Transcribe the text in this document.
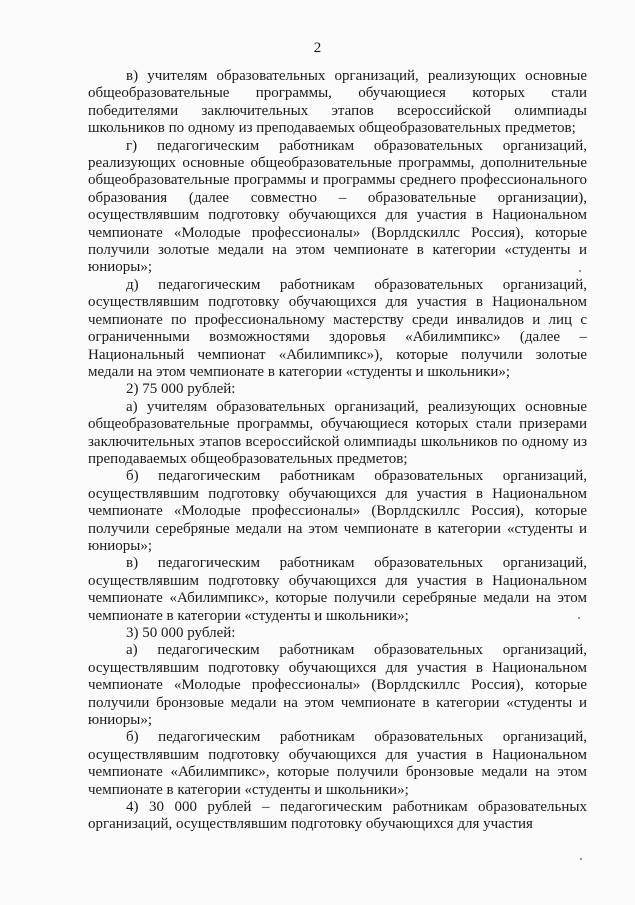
2

в) учителям образовательных организаций, реализующих основные общеобразовательные программы, обучающиеся которых стали победителями заключительных этапов всероссийской олимпиады школьников по одному из преподаваемых общеобразовательных предметов;

г) педагогическим работникам образовательных организаций, реализующих основные общеобразовательные программы, дополнительные общеобразовательные программы и программы среднего профессионального образования (далее совместно – образовательные организации), осуществлявшим подготовку обучающихся для участия в Национальном чемпионате «Молодые профессионалы» (Ворлдскиллс Россия), которые получили золотые медали на этом чемпионате в категории «студенты и юниоры»;

д) педагогическим работникам образовательных организаций, осуществлявшим подготовку обучающихся для участия в Национальном чемпионате по профессиональному мастерству среди инвалидов и лиц с ограниченными возможностями здоровья «Абилимпикс» (далее – Национальный чемпионат «Абилимпикс»), которые получили золотые медали на этом чемпионате в категории «студенты и школьники»;

2) 75 000 рублей:

а) учителям образовательных организаций, реализующих основные общеобразовательные программы, обучающиеся которых стали призерами заключительных этапов всероссийской олимпиады школьников по одному из преподаваемых общеобразовательных предметов;

б) педагогическим работникам образовательных организаций, осуществлявшим подготовку обучающихся для участия в Национальном чемпионате «Молодые профессионалы» (Ворлдскиллс Россия), которые получили серебряные медали на этом чемпионате в категории «студенты и юниоры»;

в) педагогическим работникам образовательных организаций, осуществлявшим подготовку обучающихся для участия в Национальном чемпионате «Абилимпикс», которые получили серебряные медали на этом чемпионате в категории «студенты и школьники»;

3) 50 000 рублей:

а) педагогическим работникам образовательных организаций, осуществлявшим подготовку обучающихся для участия в Национальном чемпионате «Молодые профессионалы» (Ворлдскиллс Россия), которые получили бронзовые медали на этом чемпионате в категории «студенты и юниоры»;

б) педагогическим работникам образовательных организаций, осуществлявшим подготовку обучающихся для участия в Национальном чемпионате «Абилимпикс», которые получили бронзовые медали на этом чемпионате в категории «студенты и школьники»;

4) 30 000 рублей – педагогическим работникам образовательных организаций, осуществлявшим подготовку обучающихся для участия
